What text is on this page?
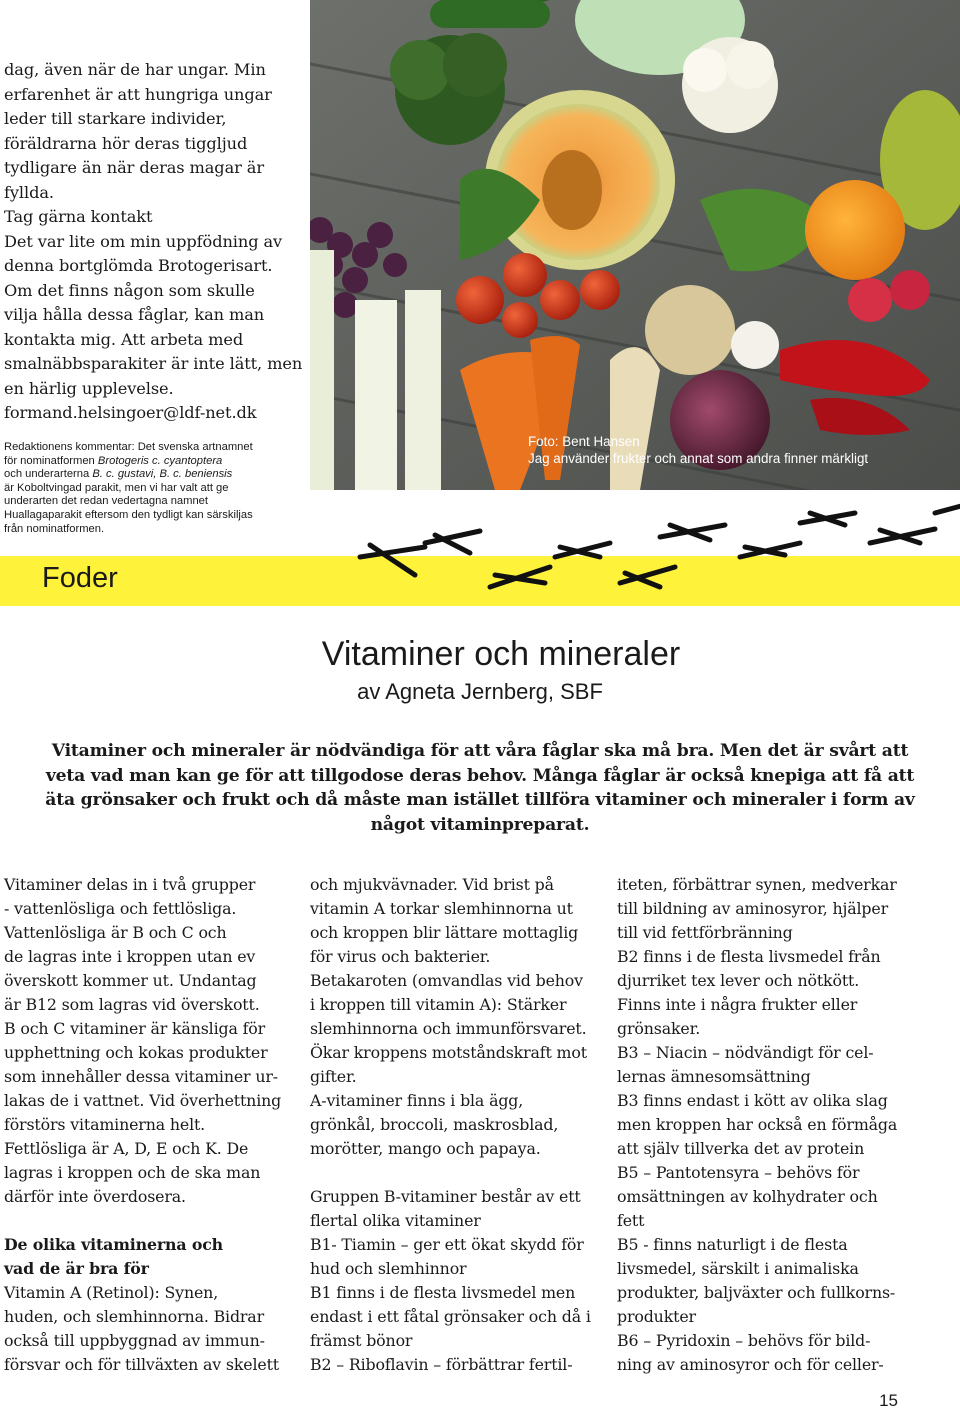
dag, även när de har ungar. Min
erfarenhet är att hungriga ungar
leder till starkare individer,
föräldrarna hör deras tiggljud
tydligare än när deras magar är
fyllda.
Tag gärna kontakt
Det var lite om min uppfödning av
denna bortglömda Brotogerisart.
Om det finns någon som skulle
vilja hålla dessa fåglar, kan man
kontakta mig. Att arbeta med
smalnäbbsparakiter är inte lätt, men
en härlig upplevelse.
formand.helsingoer@ldf-net.dk
Redaktionens kommentar: Det svenska artnamnet
för nominatformen Brotogeris c. cyantoptera
och underarterna B. c. gustavi, B. c. beniensis
är Koboltvingad parakit, men vi har valt att ge
underarten det redan vedertagna namnet
Huallagaparakit eftersom den tydligt kan särskiljas
från nominatformen.
Foto: Bent Hansen
Jag använder frukter och annat som andra finner märkligt
Foder
Vitaminer och mineraler
av Agneta Jernberg, SBF
Vitaminer och mineraler är nödvändiga för att våra fåglar ska må bra. Men det är svårt att
veta vad man kan ge för att tillgodose deras behov. Många fåglar är också knepiga att få att
äta grönsaker och frukt och då måste man istället tillföra vitaminer och mineraler i form av
något vitaminpreparat.
Vitaminer delas in i två grupper
- vattenlösliga och fettlösliga.
Vattenlösliga är B och C och
de lagras inte i kroppen utan ev
överskott kommer ut. Undantag
är B12 som lagras vid överskott.
B och C vitaminer är känsliga för
upphettning och kokas produkter
som innehåller dessa vitaminer ur-
lakas de i vattnet. Vid överhettning
förstörs vitaminerna helt.
Fettlösliga är A, D, E och K. De
lagras i kroppen och de ska man
därför inte överdosera.
De olika vitaminerna och
vad de är bra för
Vitamin A (Retinol): Synen,
huden, och slemhinnorna. Bidrar
också till uppbyggnad av immun-
försvar och för tillväxten av skelett
och mjukvävnader. Vid brist på
vitamin A torkar slemhinnorna ut
och kroppen blir lättare mottaglig
för virus och bakterier.
Betakaroten (omvandlas vid behov
i kroppen till vitamin A): Stärker
slemhinnorna och immunförsvaret.
Ökar kroppens motståndskraft mot
gifter.
A-vitaminer finns i bla ägg,
grönkål, broccoli, maskrosblad,
morötter, mango och papaya.
Gruppen B-vitaminer består av ett
flertal olika vitaminer
B1- Tiamin – ger ett ökat skydd för
hud och slemhinnor
B1 finns i de flesta livsmedel men
endast i ett fåtal grönsaker och då i
främst bönor
B2 – Riboflavin – förbättrar fertil-
iteten, förbättrar synen, medverkar
till bildning av aminosyror, hjälper
till vid fettförbränning
B2 finns i de flesta livsmedel från
djurriket tex lever och nötkött.
Finns inte i några frukter eller
grönsaker.
B3 – Niacin – nödvändigt för cel-
lernas ämnesomsättning
B3 finns endast i kött av olika slag
men kroppen har också en förmåga
att själv tillverka det av protein
B5 – Pantotensyra – behövs för
omsättningen av kolhydrater och
fett
B5 - finns naturligt i de flesta
livsmedel, särskilt i animaliska
produkter, baljväxter och fullkorns-
produkter
B6 – Pyridoxin – behövs för bild-
ning av aminosyror och för celler-
15
